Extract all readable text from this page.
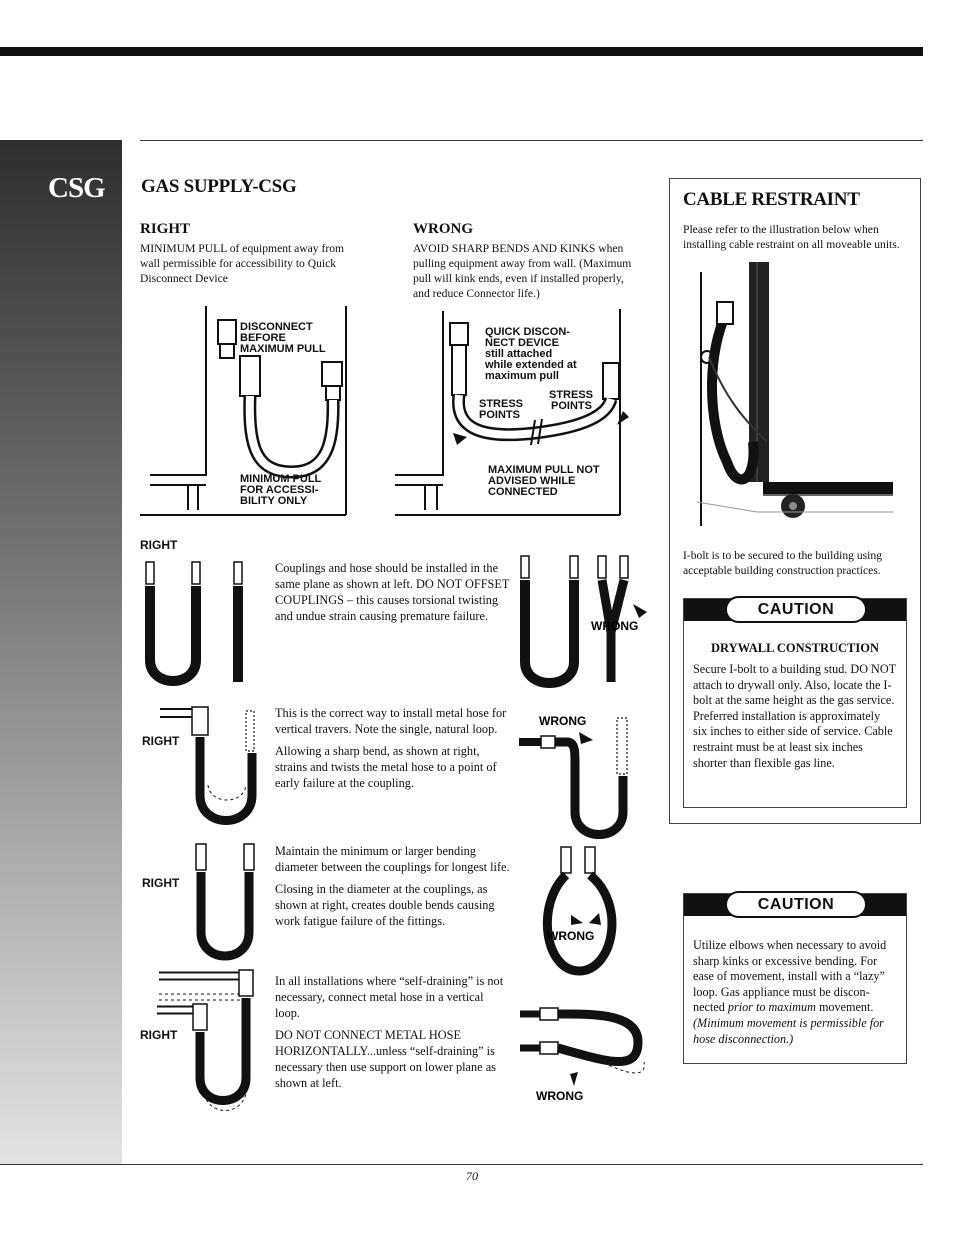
CSG GAS SUPPLY-CSG
RIGHT
MINIMUM PULL of equipment away from wall permissible for accessibility to Quick Disconnect Device
WRONG
AVOID SHARP BENDS AND KINKS when pulling equipment away from wall. (Maximum pull will kink ends, even if installed properly, and reduce Connector life.)
DISCONNECT
BEFORE
MAXIMUM PULL
MINIMUM PULL
FOR ACCESSI-
BILITY ONLY
QUICK DISCON-
NECT DEVICE
still attached
while extended at
maximum pull
STRESS
POINTS
STRESS
POINTS
MAXIMUM PULL NOT
ADVISED WHILE
CONNECTED
RIGHT

Couplings and hose should be installed in the same plane as shown at left. DO NOT OFFSET COUPLINGS – this causes torsional twisting and undue strain causing premature failure.

WRONG
RIGHT

This is the correct way to install metal hose for vertical travers. Note the single, natural loop.

Allowing a sharp bend, as shown at right, strains and twists the metal hose to a point of early failure at the coupling.

WRONG
RIGHT

Maintain the minimum or larger bending diameter between the couplings for longest life.

Closing in the diameter at the couplings, as shown at right, creates double bends causing work fatigue failure of the fittings.

WRONG
RIGHT

In all installations where “self-draining” is not necessary, connect metal hose in a vertical loop.

DO NOT CONNECT METAL HOSE HORIZONTALLY...unless “self-draining” is necessary then use support on lower plane as shown at left.

WRONG
CABLE RESTRAINT
Please refer to the illustration below when installing cable restraint on all moveable units.
I-bolt is to be secured to the building using acceptable building construction practices.
CAUTION
DRYWALL CONSTRUCTION
Secure I-bolt to a building stud. DO NOT attach to drywall only. Also, locate the I-bolt at the same height as the gas service. Preferred installation is approximately six inches to either side of service. Cable restraint must be at least six inches shorter than flexible gas line.
CAUTION
Utilize elbows when necessary to avoid sharp kinks or excessive bending. For ease of movement, install with a “lazy” loop. Gas appliance must be discon-nected prior to maximum movement. (Minimum movement is permissible for hose disconnection.)
70
